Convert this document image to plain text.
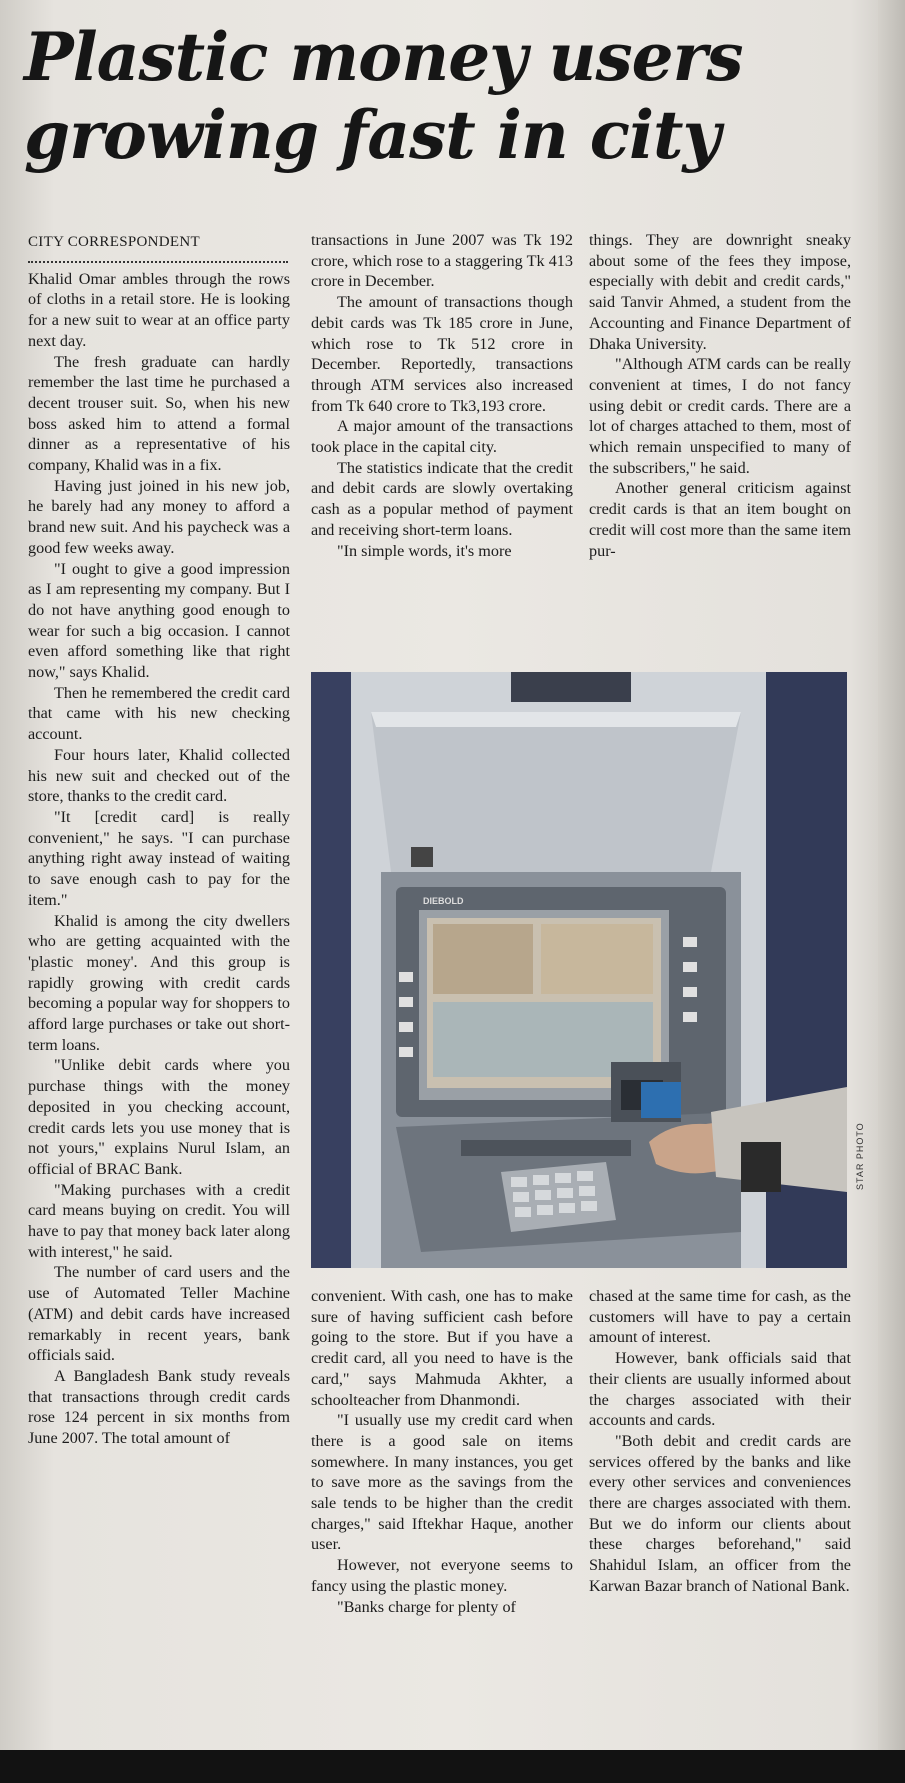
Plastic money users growing fast in city
CITY CORRESPONDENT

Khalid Omar ambles through the rows of cloths in a retail store. He is looking for a new suit to wear at an office party next day.

The fresh graduate can hardly remember the last time he purchased a decent trouser suit. So, when his new boss asked him to attend a formal dinner as a representative of his company, Khalid was in a fix.

Having just joined in his new job, he barely had any money to afford a brand new suit. And his paycheck was a good few weeks away.

"I ought to give a good impression as I am representing my company. But I do not have anything good enough to wear for such a big occasion. I cannot even afford something like that right now," says Khalid.

Then he remembered the credit card that came with his new checking account.

Four hours later, Khalid collected his new suit and checked out of the store, thanks to the credit card.

"It [credit card] is really convenient," he says. "I can purchase anything right away instead of waiting to save enough cash to pay for the item."

Khalid is among the city dwellers who are getting acquainted with the 'plastic money'. And this group is rapidly growing with credit cards becoming a popular way for shoppers to afford large purchases or take out short-term loans.

"Unlike debit cards where you purchase things with the money deposited in you checking account, credit cards lets you use money that is not yours," explains Nurul Islam, an official of BRAC Bank.

"Making purchases with a credit card means buying on credit. You will have to pay that money back later along with interest," he said.

The number of card users and the use of Automated Teller Machine (ATM) and debit cards have increased remarkably in recent years, bank officials said.

A Bangladesh Bank study reveals that transactions through credit cards rose 124 percent in six months from June 2007. The total amount of

transactions in June 2007 was Tk 192 crore, which rose to a staggering Tk 413 crore in December.

The amount of transactions though debit cards was Tk 185 crore in June, which rose to Tk 512 crore in December. Reportedly, transactions through ATM services also increased from Tk 640 crore to Tk3,193 crore.

A major amount of the transactions took place in the capital city.

The statistics indicate that the credit and debit cards are slowly overtaking cash as a popular method of payment and receiving short-term loans.

"In simple words, it's more

things. They are downright sneaky about some of the fees they impose, especially with debit and credit cards," said Tanvir Ahmed, a student from the Accounting and Finance Department of Dhaka University.

"Although ATM cards can be really convenient at times, I do not fancy using debit or credit cards. There are a lot of charges attached to them, most of which remain unspecified to many of the subscribers," he said.

Another general criticism against credit cards is that an item bought on credit will cost more than the same item pur-

DIEBOLD
STAR PHOTO

convenient. With cash, one has to make sure of having sufficient cash before going to the store. But if you have a credit card, all you need to have is the card," says Mahmuda Akhter, a schoolteacher from Dhanmondi.

"I usually use my credit card when there is a good sale on items somewhere. In many instances, you get to save more as the savings from the sale tends to be higher than the credit charges," said Iftekhar Haque, another user.

However, not everyone seems to fancy using the plastic money.

"Banks charge for plenty of

chased at the same time for cash, as the customers will have to pay a certain amount of interest.

However, bank officials said that their clients are usually informed about the charges associated with their accounts and cards.

"Both debit and credit cards are services offered by the banks and like every other services and conveniences there are charges associated with them. But we do inform our clients about these charges beforehand," said Shahidul Islam, an officer from the Karwan Bazar branch of National Bank.
